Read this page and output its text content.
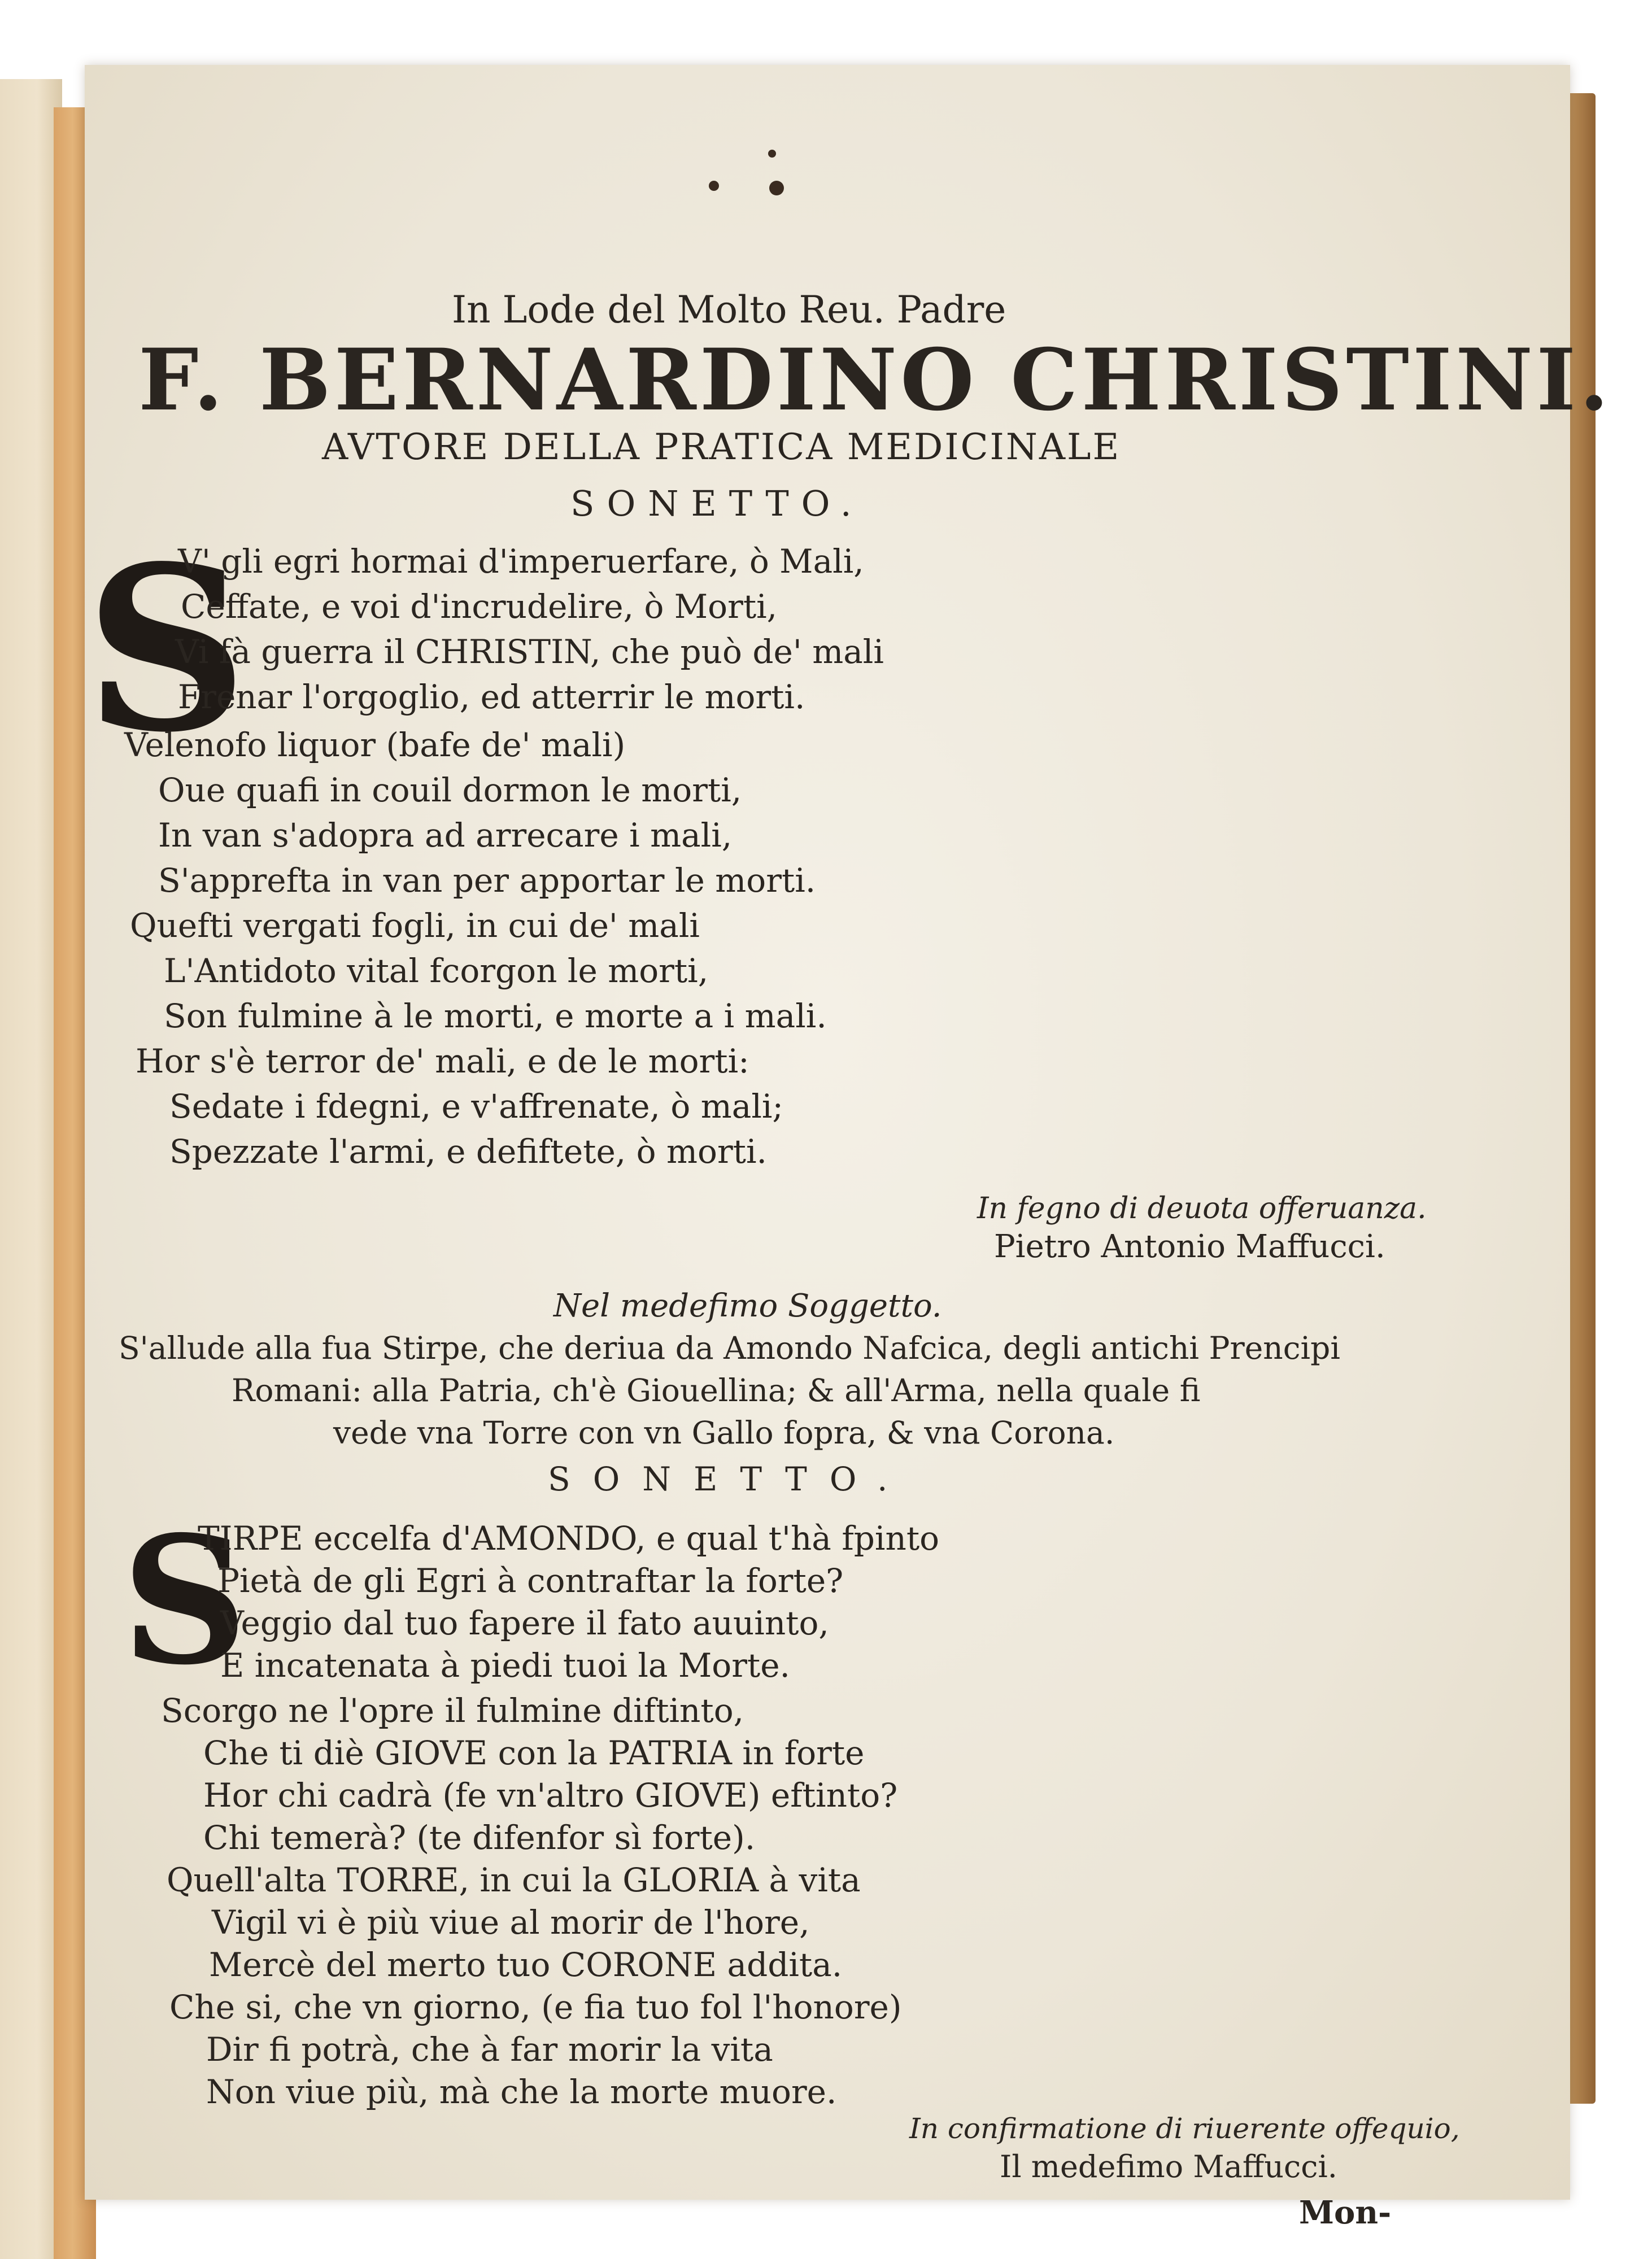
In Lode del Molto Reu. Padre
F. BERNARDINO CHRISTINI.
AVTORE DELLA PRATICA MEDICINALE
SONETTO.
S
V' gli egri hormai d'imperuerfare, ò Mali,
Ceffate, e voi d'incrudelire, ò Morti,
Vi fà guerra il CHRISTIN, che può de' mali
Frenar l'orgoglio, ed atterrir le morti.
Velenofo liquor (bafe de' mali)
Oue quafi in couil dormon le morti,
In van s'adopra ad arrecare i mali,
S'apprefta in van per apportar le morti.
Quefti vergati fogli, in cui de' mali
L'Antidoto vital fcorgon le morti,
Son fulmine à le morti, e morte a i mali.
Hor s'è terror de' mali, e de le morti:
Sedate i fdegni, e v'affrenate, ò mali;
Spezzate l'armi, e defiftete, ò morti.
In fegno di deuota offeruanza.
Pietro Antonio Maffucci.
Nel medefimo Soggetto.
S'allude alla fua Stirpe, che deriua da Amondo Nafcica, degli antichi Prencipi
Romani: alla Patria, ch'è Giouellina; & all'Arma, nella quale fi
vede vna Torre con vn Gallo fopra, & vna Corona.
SONETTO.
S
TIRPE eccelfa d'AMONDO, e qual t'hà fpinto
Pietà de gli Egri à contraftar la forte?
Veggio dal tuo fapere il fato auuinto,
E incatenata à piedi tuoi la Morte.
Scorgo ne l'opre il fulmine diftinto,
Che ti diè GIOVE con la PATRIA in forte
Hor chi cadrà (fe vn'altro GIOVE) eftinto?
Chi temerà? (te difenfor sì forte).
Quell'alta TORRE, in cui la GLORIA à vita
Vigil vi è più viue al morir de l'hore,
Mercè del merto tuo CORONE addita.
Che si, che vn giorno, (e fia tuo fol l'honore)
Dir fi potrà, che à far morir la vita
Non viue più, mà che la morte muore.
In confirmatione di riuerente offequio,
Il medefimo Maffucci.
Mon-
